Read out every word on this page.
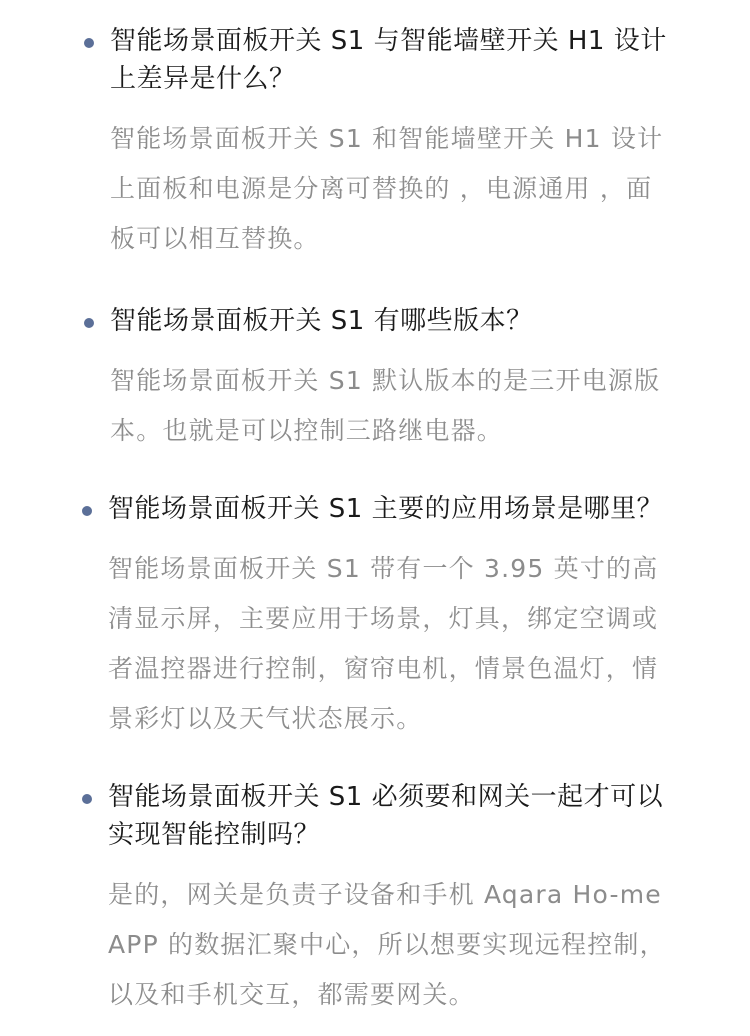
智能场景面板开关 S1 与智能墙壁开关 H1 设计上差异是什么？
智能场景面板开关 S1 和智能墙壁开关 H1 设计上面板和电源是分离可替换的 ，电源通用 ，面板可以相互替换。
智能场景面板开关 S1 有哪些版本？
智能场景面板开关 S1 默认版本的是三开电源版本。也就是可以控制三路继电器。
智能场景面板开关 S1 主要的应用场景是哪里？
智能场景面板开关 S1 带有一个 3.95 英寸的高清显示屏，主要应用于场景，灯具，绑定空调或者温控器进行控制，窗帘电机，情景色温灯，情景彩灯以及天气状态展示。
智能场景面板开关 S1 必须要和网关一起才可以实现智能控制吗？
是的，网关是负责子设备和手机 Aqara Ho-meAPP 的数据汇聚中心，所以想要实现远程控制，以及和手机交互，都需要网关。
